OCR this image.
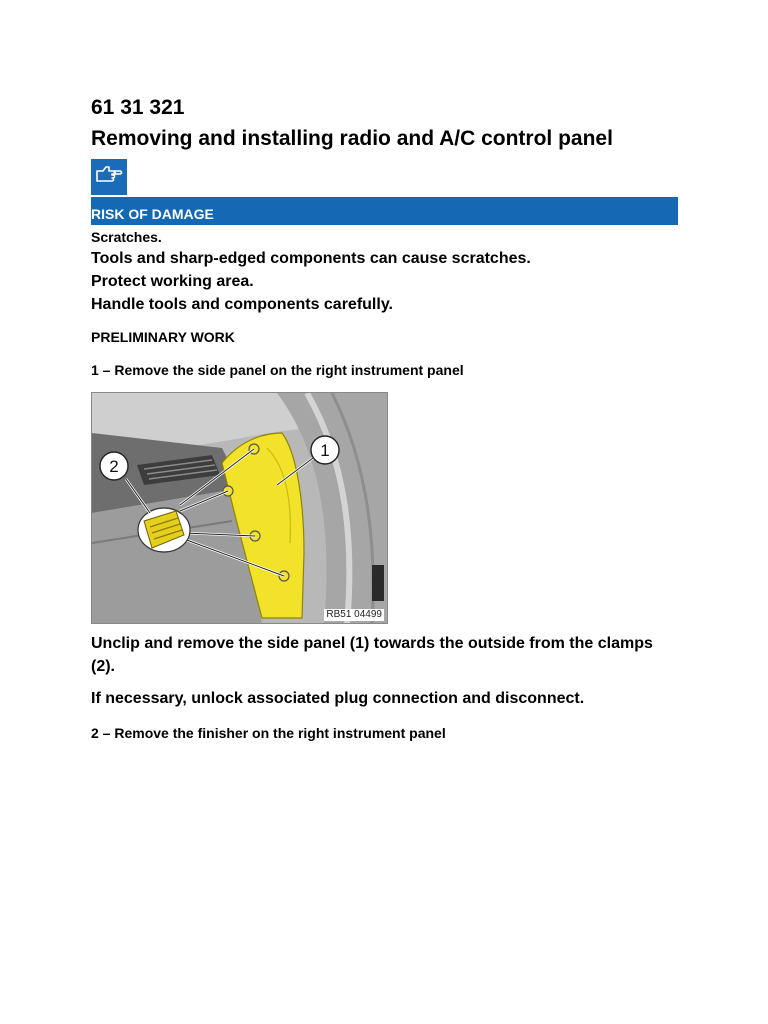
61 31 321
Removing and installing radio and A/C control panel
RISK OF DAMAGE

Scratches.

Tools and sharp-edged components can cause scratches.

Protect working area.

Handle tools and components carefully.

PRELIMINARY WORK

1 – Remove the side panel on the right instrument panel

2
1
RB51 04499

Unclip and remove the side panel (1) towards the outside from the clamps (2).

If necessary, unlock associated plug connection and disconnect.

2 – Remove the finisher on the right instrument panel
